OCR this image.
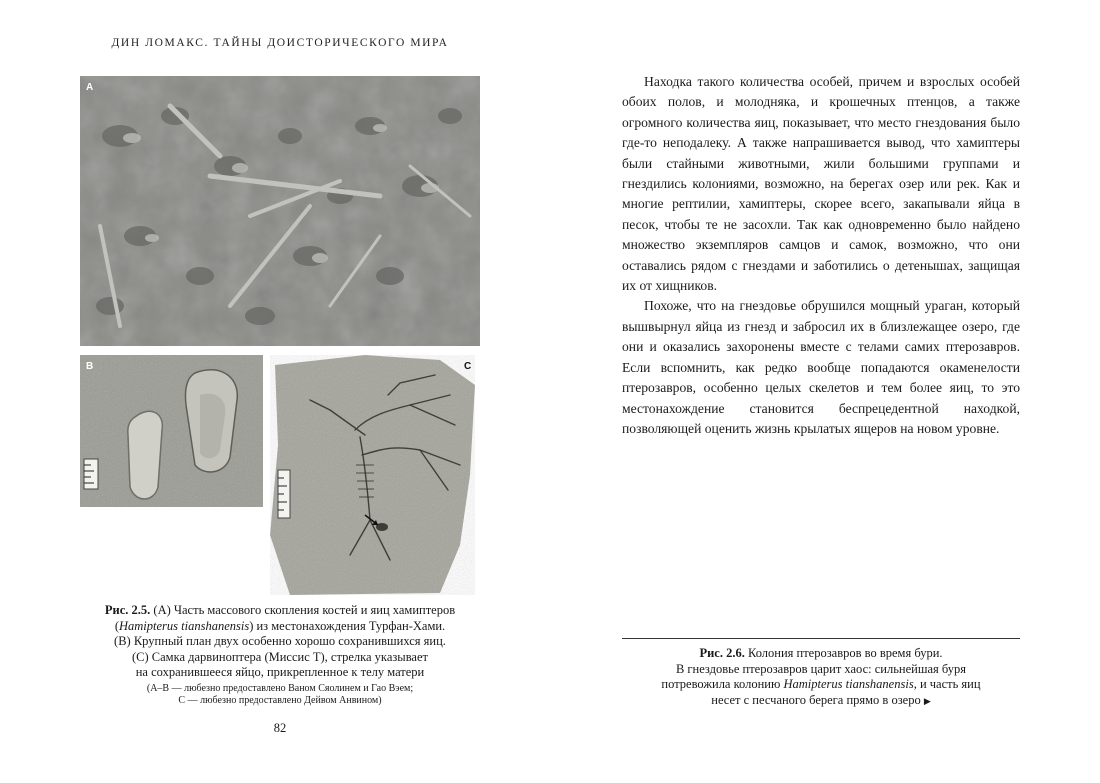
ДИН ЛОМАКС. ТАЙНЫ ДОИСТОРИЧЕСКОГО МИРА
A
B	C
Рис. 2.5. (А) Часть массового скопления костей и яиц хамиптеров
(Hamipterus tianshanensis) из местонахождения Турфан-Хами.
(В) Крупный план двух особенно хорошо сохранившихся яиц.
(С) Самка дарвиноптера (Миссис Т), стрелка указывает
на сохранившееся яйцо, прикрепленное к телу матери
(А–В — любезно предоставлено Ваном Сяолинем и Гао Вэем;
С — любезно предоставлено Дейвом Анвином)
82

Находка такого количества особей, причем и взрослых особей обоих полов, и молодняка, и крошечных птенцов, а также огромного количества яиц, показывает, что место гнездования было где-то неподалеку. А также напрашивается вывод, что хамиптеры были стайными животными, жили большими группами и гнездились колониями, возможно, на берегах озер или рек. Как и многие рептилии, хамиптеры, скорее всего, закапывали яйца в песок, чтобы те не засохли. Так как одновременно было найдено множество экземпляров самцов и самок, возможно, что они оставались рядом с гнездами и заботились о детенышах, защищая их от хищников.

Похоже, что на гнездовье обрушился мощный ураган, который вышвырнул яйца из гнезд и забросил их в близлежащее озеро, где они и оказались захоронены вместе с телами самих птерозавров. Если вспомнить, как редко вообще попадаются окаменелости птерозавров, особенно целых скелетов и тем более яиц, то это местонахождение становится беспрецедентной находкой, позволяющей оценить жизнь крылатых ящеров на новом уровне.

Рис. 2.6. Колония птерозавров во время бури.
В гнездовье птерозавров царит хаос: сильнейшая буря
потревожила колонию Hamipterus tianshanensis, и часть яиц
несет с песчаного берега прямо в озеро ▶
